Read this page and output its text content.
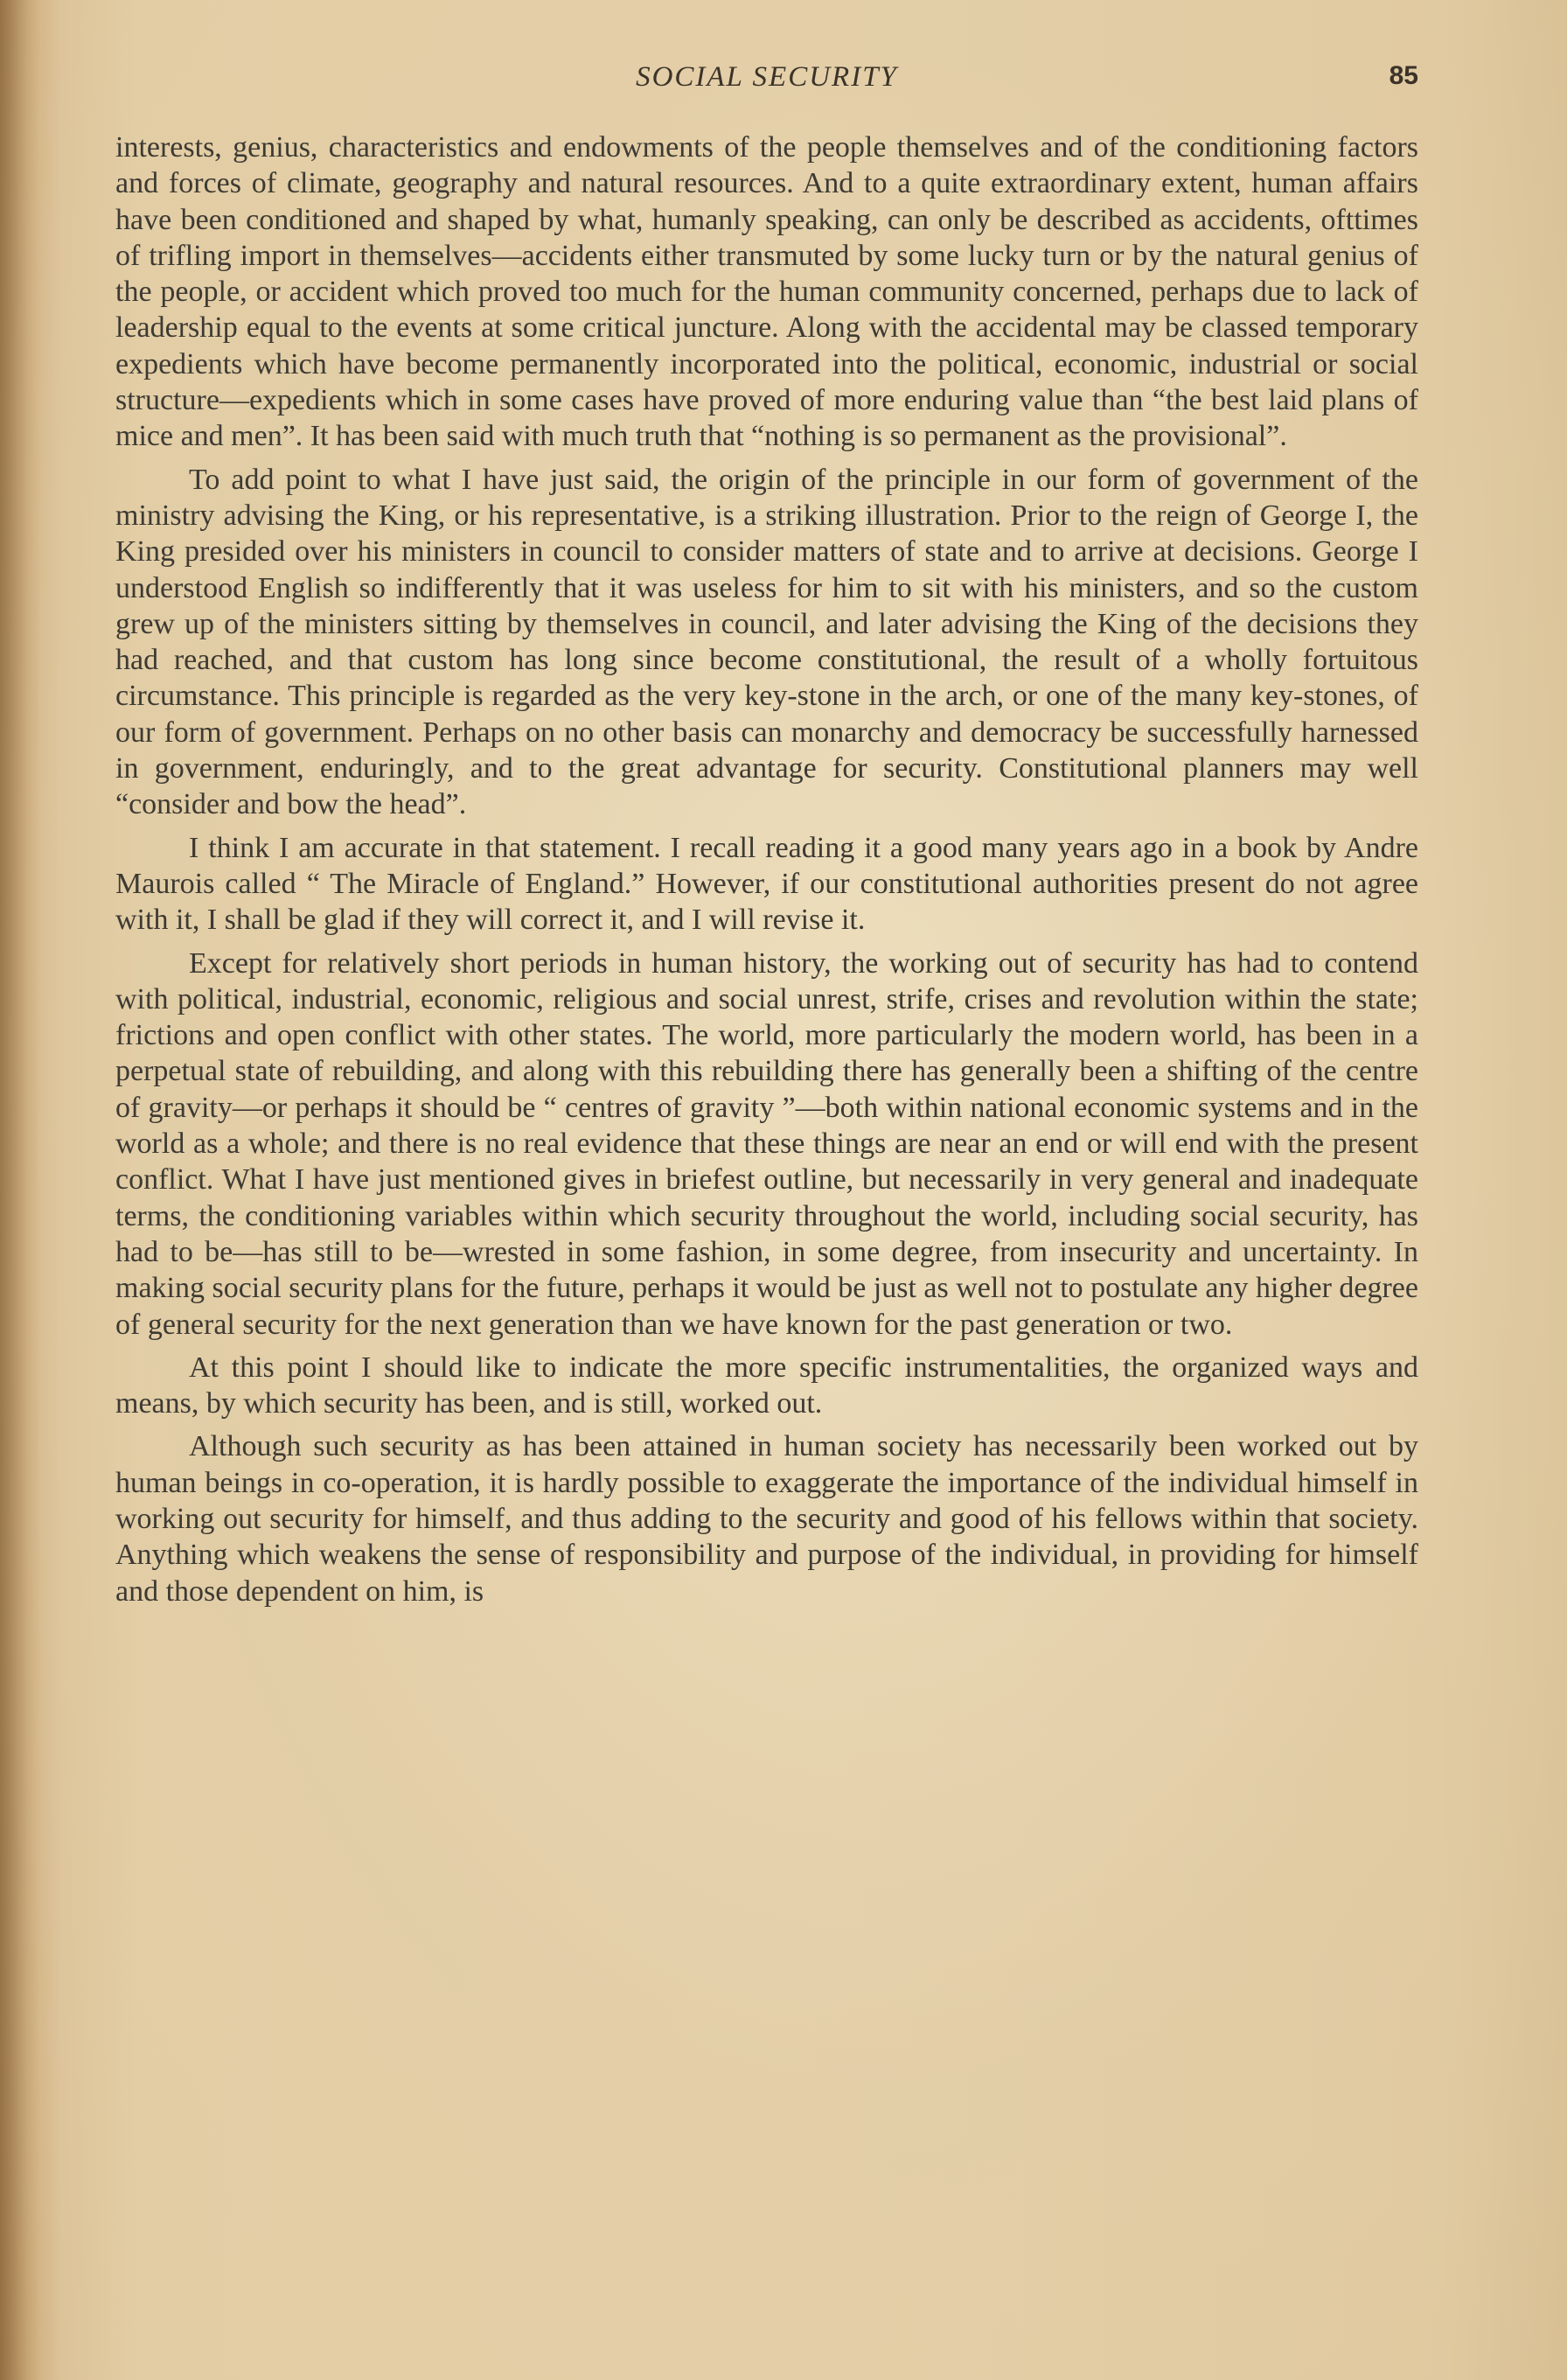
SOCIAL SECURITY	85

interests, genius, characteristics and endowments of the people themselves and of the conditioning factors and forces of climate, geography and natural resources. And to a quite extraordinary extent, human affairs have been conditioned and shaped by what, humanly speaking, can only be described as accidents, ofttimes of trifling import in themselves—accidents either transmuted by some lucky turn or by the natural genius of the people, or accident which proved too much for the human community concerned, perhaps due to lack of leadership equal to the events at some critical juncture. Along with the accidental may be classed temporary expedients which have become permanently incorporated into the political, economic, industrial or social structure—expedients which in some cases have proved of more enduring value than “the best laid plans of mice and men”. It has been said with much truth that “nothing is so permanent as the provisional”.

To add point to what I have just said, the origin of the principle in our form of government of the ministry advising the King, or his representative, is a striking illustration. Prior to the reign of George I, the King presided over his ministers in council to consider matters of state and to arrive at decisions. George I understood English so indifferently that it was useless for him to sit with his ministers, and so the custom grew up of the ministers sitting by themselves in council, and later advising the King of the decisions they had reached, and that custom has long since become constitutional, the result of a wholly fortuitous circumstance. This principle is regarded as the very key-stone in the arch, or one of the many key-stones, of our form of government. Perhaps on no other basis can monarchy and democracy be successfully harnessed in government, enduringly, and to the great advantage for security. Constitutional planners may well “consider and bow the head”.

I think I am accurate in that statement. I recall reading it a good many years ago in a book by Andre Maurois called “ The Miracle of England.” However, if our constitutional authorities present do not agree with it, I shall be glad if they will correct it, and I will revise it.

Except for relatively short periods in human history, the working out of security has had to contend with political, industrial, economic, religious and social unrest, strife, crises and revolution within the state; frictions and open conflict with other states. The world, more particularly the modern world, has been in a perpetual state of rebuilding, and along with this rebuilding there has generally been a shifting of the centre of gravity—or perhaps it should be “ centres of gravity ”—both within national economic systems and in the world as a whole; and there is no real evidence that these things are near an end or will end with the present conflict. What I have just mentioned gives in briefest outline, but necessarily in very general and inadequate terms, the conditioning variables within which security throughout the world, including social security, has had to be—has still to be—wrested in some fashion, in some degree, from insecurity and uncertainty. In making social security plans for the future, perhaps it would be just as well not to postulate any higher degree of general security for the next generation than we have known for the past generation or two.

At this point I should like to indicate the more specific instrumentalities, the organized ways and means, by which security has been, and is still, worked out.

Although such security as has been attained in human society has necessarily been worked out by human beings in co-operation, it is hardly possible to exaggerate the importance of the individual himself in working out security for himself, and thus adding to the security and good of his fellows within that society. Anything which weakens the sense of responsibility and purpose of the individual, in providing for himself and those dependent on him, is
